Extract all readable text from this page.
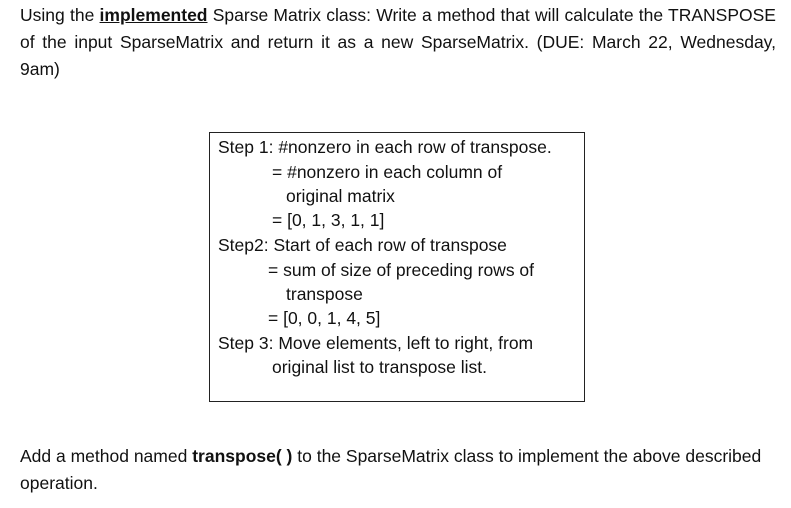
Using the implemented Sparse Matrix class: Write a method that will calculate the TRANSPOSE of the input SparseMatrix and return it as a new SparseMatrix. (DUE: March 22, Wednesday, 9am)

Step 1: #nonzero in each row of transpose.
= #nonzero in each column of
original matrix
= [0, 1, 3, 1, 1]
Step2: Start of each row of transpose
= sum of size of preceding rows of
transpose
= [0, 0, 1, 4, 5]
Step 3: Move elements, left to right, from
original list to transpose list.

Add a method named transpose( ) to the SparseMatrix class to implement the above described operation.
